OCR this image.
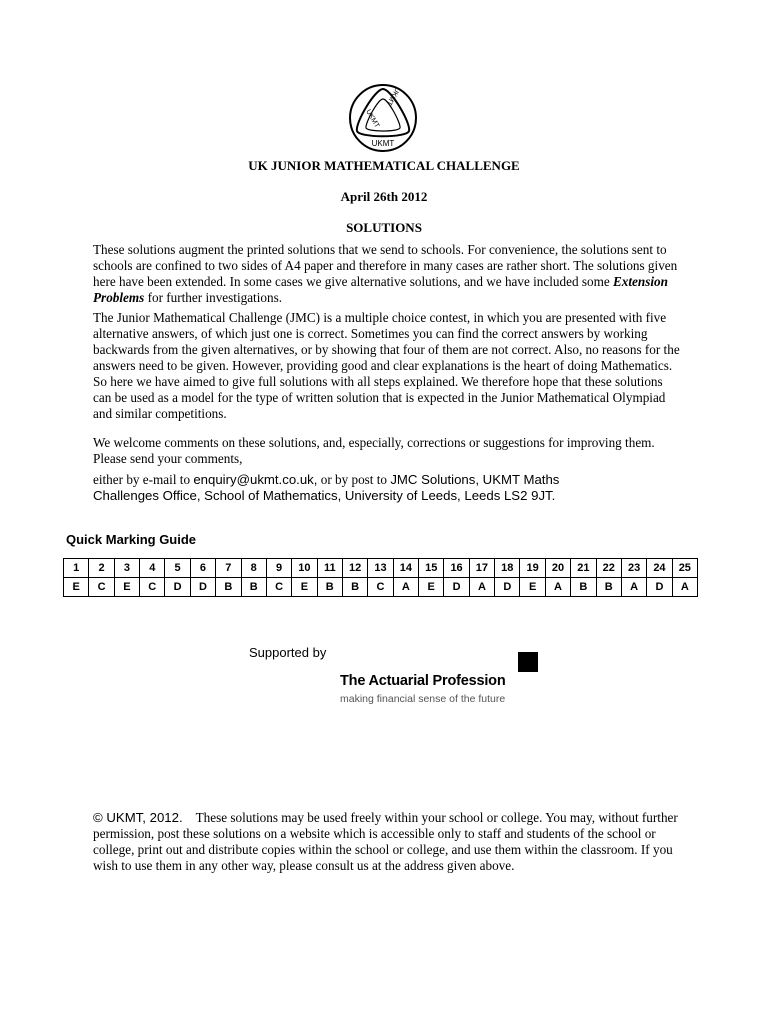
UKMT
UKMT
UKMT
UK JUNIOR MATHEMATICAL CHALLENGE
April 26th 2012
SOLUTIONS

These solutions augment the printed solutions that we send to schools. For convenience, the solutions sent to schools are confined to two sides of A4 paper and therefore in many cases are rather short. The solutions given here have been extended. In some cases we give alternative solutions, and we have included some Extension Problems for further investigations.

The Junior Mathematical Challenge (JMC) is a multiple choice contest, in which you are presented with five alternative answers, of which just one is correct. Sometimes you can find the correct answers by working backwards from the given alternatives, or by showing that four of them are not correct. Also, no reasons for the answers need to be given. However, providing good and clear explanations is the heart of doing Mathematics. So here we have aimed to give full solutions with all steps explained. We therefore hope that these solutions can be used as a model for the type of written solution that is expected in the Junior Mathematical Olympiad and similar competitions.

We welcome comments on these solutions, and, especially, corrections or suggestions for improving them. Please send your comments,

either by e-mail to enquiry@ukmt.co.uk, or by post to JMC Solutions, UKMT Maths
Challenges Office, School of Mathematics, University of Leeds, Leeds LS2 9JT.
Quick Marking Guide
1	2	3	4	5	6	7	8	9	10	11	12	13	14	15	16	17	18	19	20	21	22	23	24	25
E	C	E	C	D	D	B	B	C	E	B	B	C	A	E	D	A	D	E	A	B	B	A	D	A
Supported by
The Actuarial Profession
making financial sense of the future

© UKMT, 2012. These solutions may be used freely within your school or college. You may, without further permission, post these solutions on a website which is accessible only to staff and students of the school or college, print out and distribute copies within the school or college, and use them within the classroom. If you wish to use them in any other way, please consult us at the address given above.
